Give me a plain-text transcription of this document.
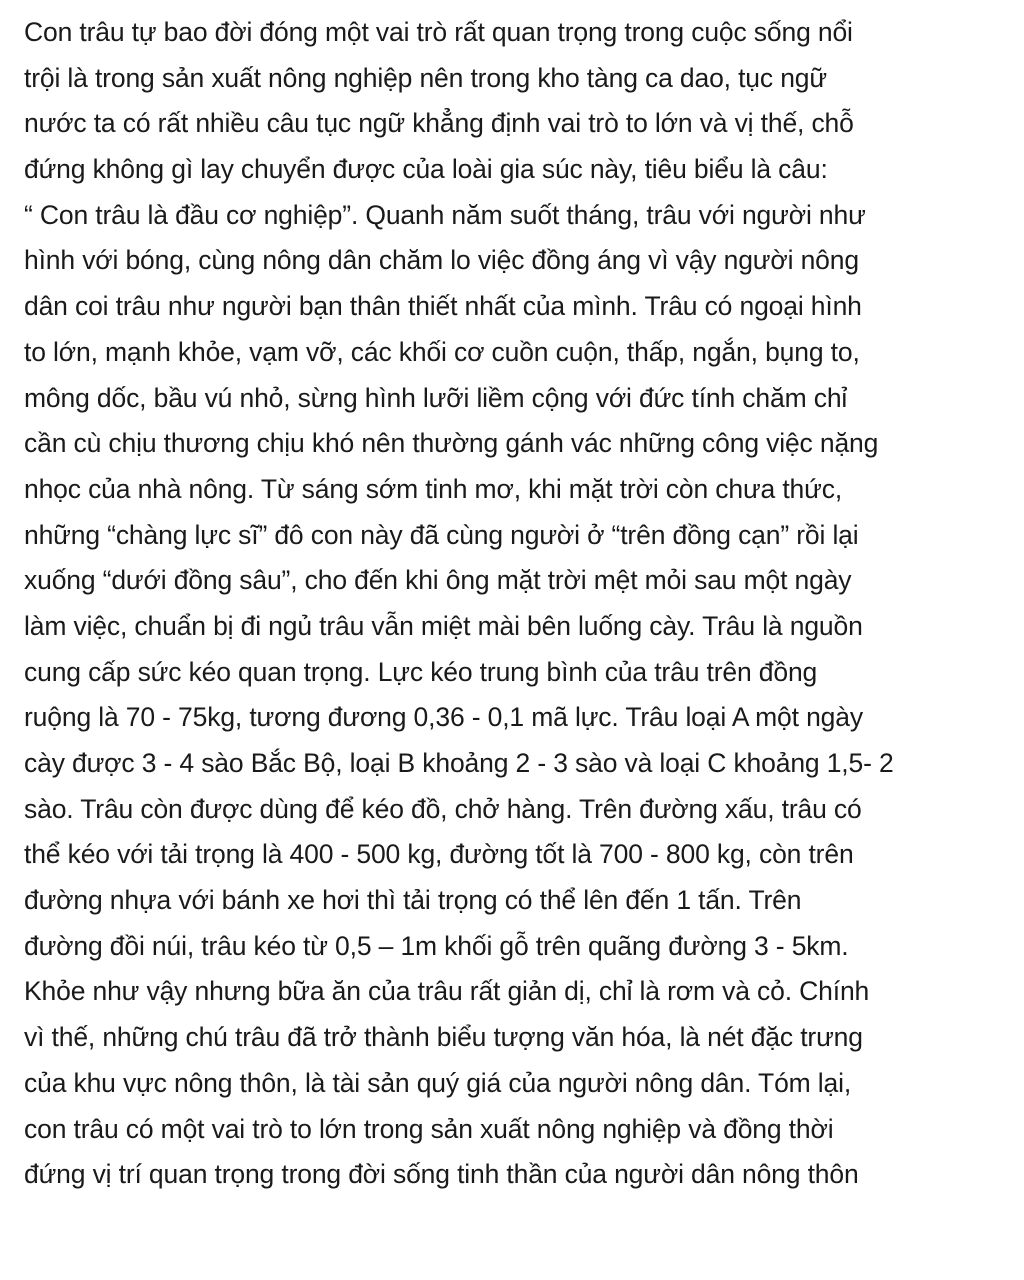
Con trâu tự bao đời đóng một vai trò rất quan trọng trong cuộc sống nổi
trội là trong sản xuất nông nghiệp nên trong kho tàng ca dao, tục ngữ
nước ta có rất nhiều câu tục ngữ khẳng định vai trò to lớn và vị thế, chỗ
đứng không gì lay chuyển được của loài gia súc này, tiêu biểu là câu:
“ Con trâu là đầu cơ nghiệp”. Quanh năm suốt tháng, trâu với người như
hình với bóng, cùng nông dân chăm lo việc đồng áng vì vậy người nông
dân coi trâu như người bạn thân thiết nhất của mình. Trâu có ngoại hình
to lớn, mạnh khỏe, vạm vỡ, các khối cơ cuồn cuộn, thấp, ngắn, bụng to,
mông dốc, bầu vú nhỏ, sừng hình lưỡi liềm cộng với đức tính chăm chỉ
cần cù chịu thương chịu khó nên thường gánh vác những công việc nặng
nhọc của nhà nông. Từ sáng sớm tinh mơ, khi mặt trời còn chưa thức,
những “chàng lực sĩ” đô con này đã cùng người ở “trên đồng cạn” rồi lại
xuống “dưới đồng sâu”, cho đến khi ông mặt trời mệt mỏi sau một ngày
làm việc, chuẩn bị đi ngủ trâu vẫn miệt mài bên luống cày. Trâu là nguồn
cung cấp sức kéo quan trọng. Lực kéo trung bình của trâu trên đồng
ruộng là 70 - 75kg, tương đương 0,36 - 0,1 mã lực. Trâu loại A một ngày
cày được 3 - 4 sào Bắc Bộ, loại B khoảng 2 - 3 sào và loại C khoảng 1,5- 2
sào. Trâu còn được dùng để kéo đồ, chở hàng. Trên đường xấu, trâu có
thể kéo với tải trọng là 400 - 500 kg, đường tốt là 700 - 800 kg, còn trên
đường nhựa với bánh xe hơi thì tải trọng có thể lên đến 1 tấn. Trên
đường đồi núi, trâu kéo từ 0,5 – 1m khối gỗ trên quãng đường 3 - 5km.
Khỏe như vậy nhưng bữa ăn của trâu rất giản dị, chỉ là rơm và cỏ. Chính
vì thế, những chú trâu đã trở thành biểu tượng văn hóa, là nét đặc trưng
của khu vực nông thôn, là tài sản quý giá của người nông dân. Tóm lại,
con trâu có một vai trò to lớn trong sản xuất nông nghiệp và đồng thời
đứng vị trí quan trọng trong đời sống tinh thần của người dân nông thôn
